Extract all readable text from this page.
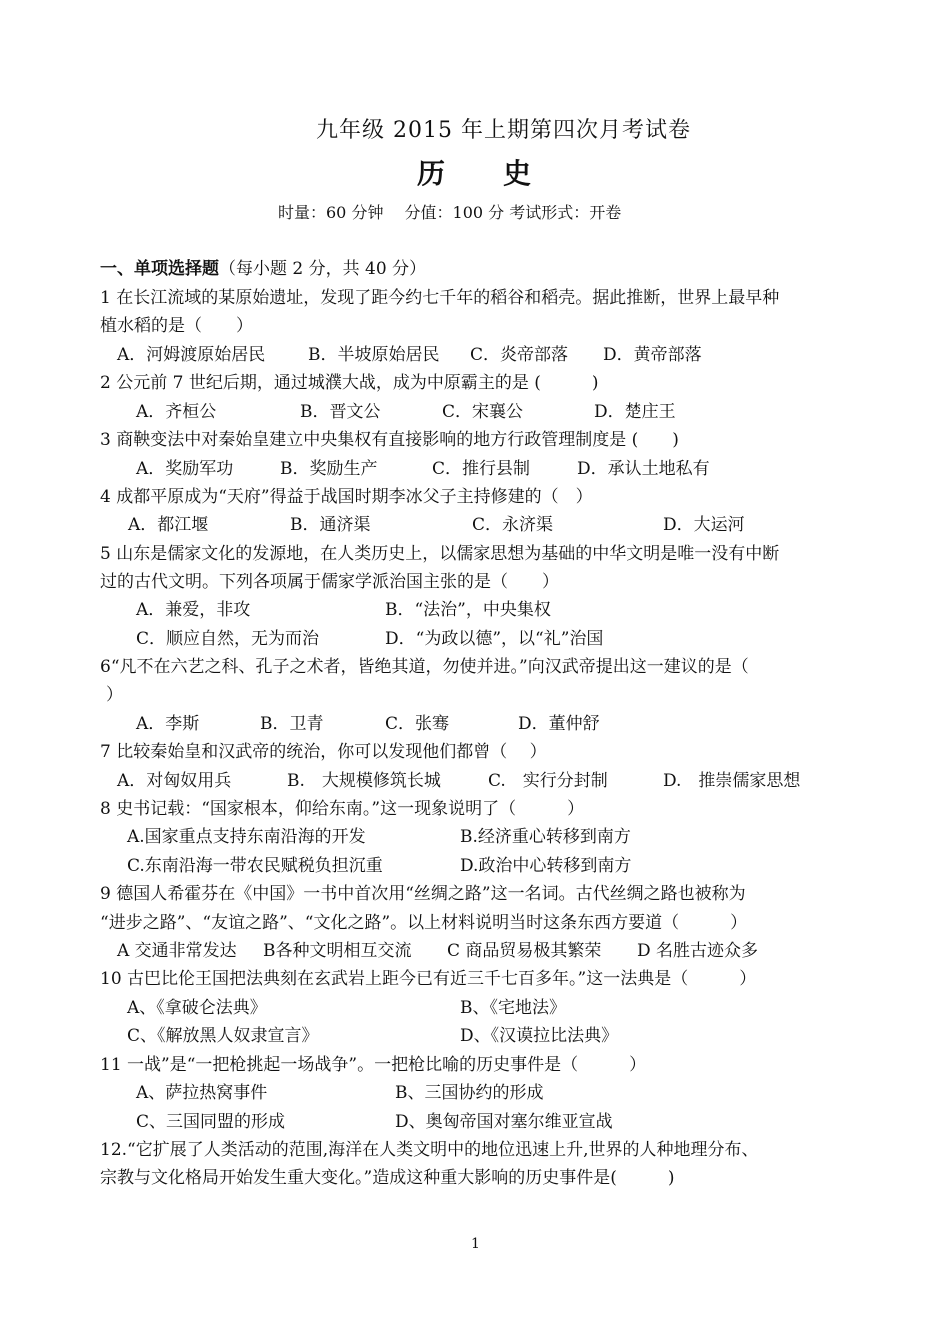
九年级 2015 年上期第四次月考试卷
历 史
时量：60 分钟　 分值：100 分 考试形式：开卷
一、单项选择题（每小题 2 分，共 40 分）
1 在长江流域的某原始遗址，发现了距今约七千年的稻谷和稻壳。据此推断，世界上最早种
植水稻的是（　　）
A．河姆渡原始居民	B．半坡原始居民 C．炎帝部落 D．黄帝部落
2 公元前 7 世纪后期，通过城濮大战，成为中原霸主的是 (　　　)
A．齐桓公	B．晋文公	C．宋襄公	D．楚庄王
3 商鞅变法中对秦始皇建立中央集权有直接影响的地方行政管理制度是 (　　)
A．奖励军功	B．奖励生产	C．推行县制	D．承认土地私有
4 成都平原成为“天府”得益于战国时期李冰父子主持修建的（　）
A．都江堰	B．通济渠	C．永济渠	D．大运河
5 山东是儒家文化的发源地，在人类历史上，以儒家思想为基础的中华文明是唯一没有中断
过的古代文明。下列各项属于儒家学派治国主张的是（　　）
A．兼爱，非攻	B．“法治”，中央集权
C．顺应自然，无为而治	D．“为政以德”，以“礼”治国
6“凡不在六艺之科、孔子之术者，皆绝其道，勿使并进。”向汉武帝提出这一建议的是（
）
A．李斯	B．卫青	C．张骞	D．董仲舒
7 比较秦始皇和汉武帝的统治，你可以发现他们都曾（　 ）
A．对匈奴用兵	B.　大规模修筑长城	C.　实行分封制	D.　推崇儒家思想
8 史书记载：“国家根本，仰给东南。”这一现象说明了（　　　）
A.国家重点支持东南沿海的开发	B.经济重心转移到南方
C.东南沿海一带农民赋税负担沉重	D.政治中心转移到南方
9 德国人希霍芬在《中国》一书中首次用“丝绸之路”这一名词。古代丝绸之路也被称为
“进步之路”、“友谊之路”、“文化之路”。以上材料说明当时这条东西方要道（　　　）
A 交通非常发达 B各种文明相互交流 C 商品贸易极其繁荣 D 名胜古迹众多
10 古巴比伦王国把法典刻在玄武岩上距今已有近三千七百多年。”这一法典是（　　　）
A、《拿破仑法典》	B、《宅地法》
C、《解放黑人奴隶宣言》	D、《汉谟拉比法典》
11 一战”是“一把枪挑起一场战争”。一把枪比喻的历史事件是（　　　）
A、萨拉热窝事件	B、三国协约的形成
C、三国同盟的形成	D、奥匈帝国对塞尔维亚宣战
12.“它扩展了人类活动的范围,海洋在人类文明中的地位迅速上升,世界的人种地理分布、
宗教与文化格局开始发生重大变化。”造成这种重大影响的历史事件是(　　　)
1
